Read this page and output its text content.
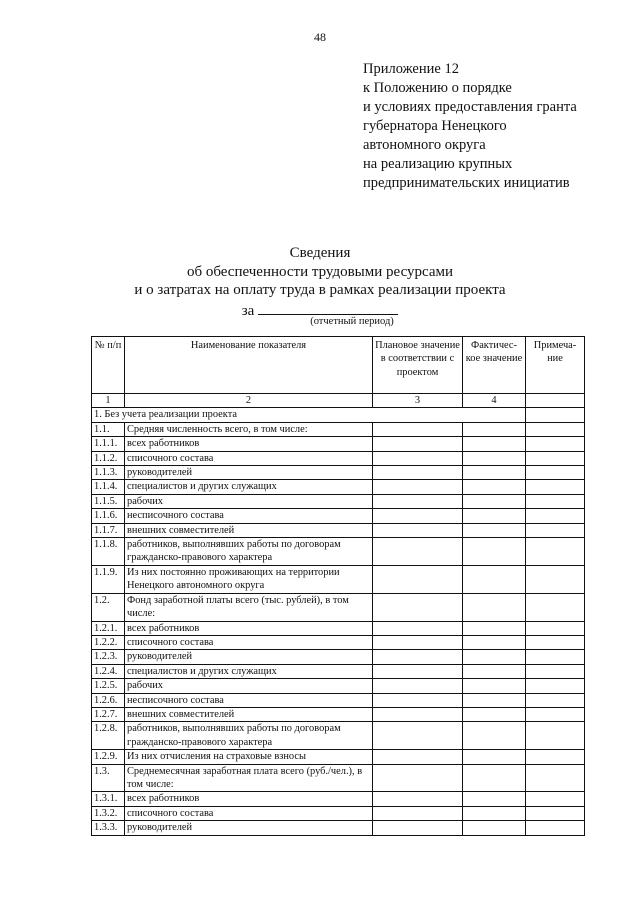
48
Приложение 12
к Положению о порядке
и условиях предоставления гранта
губернатора Ненецкого
автономного округа
на реализацию крупных
предпринимательских инициатив
Сведения
об обеспеченности трудовыми ресурсами
и о затратах на оплату труда в рамках реализации проекта
за
(отчетный период)
№ п/п	Наименование показателя	Плановое значение в соответствии с проектом	Фактичес-кое значение	Примеча-ние
1	2	3	4	
1. Без учета реализации проекта				
1.1.	Средняя численность всего, в том числе:			
1.1.1.	всех работников			
1.1.2.	списочного состава			
1.1.3.	руководителей			
1.1.4.	специалистов и других служащих			
1.1.5.	рабочих			
1.1.6.	несписочного состава			
1.1.7.	внешних совместителей			
1.1.8.	работников, выполнявших работы по договорам гражданско-правового характера			
1.1.9.	Из них постоянно проживающих на территории Ненецкого автономного округа			
1.2.	Фонд заработной платы всего (тыс. рублей), в том числе:			
1.2.1.	всех работников			
1.2.2.	списочного состава			
1.2.3.	руководителей			
1.2.4.	специалистов и других служащих			
1.2.5.	рабочих			
1.2.6.	несписочного состава			
1.2.7.	внешних совместителей			
1.2.8.	работников, выполнявших работы по договорам гражданско-правового характера			
1.2.9.	Из них отчисления на страховые взносы			
1.3.	Среднемесячная заработная плата всего (руб./чел.), в том числе:			
1.3.1.	всех работников			
1.3.2.	списочного состава			
1.3.3.	руководителей			
